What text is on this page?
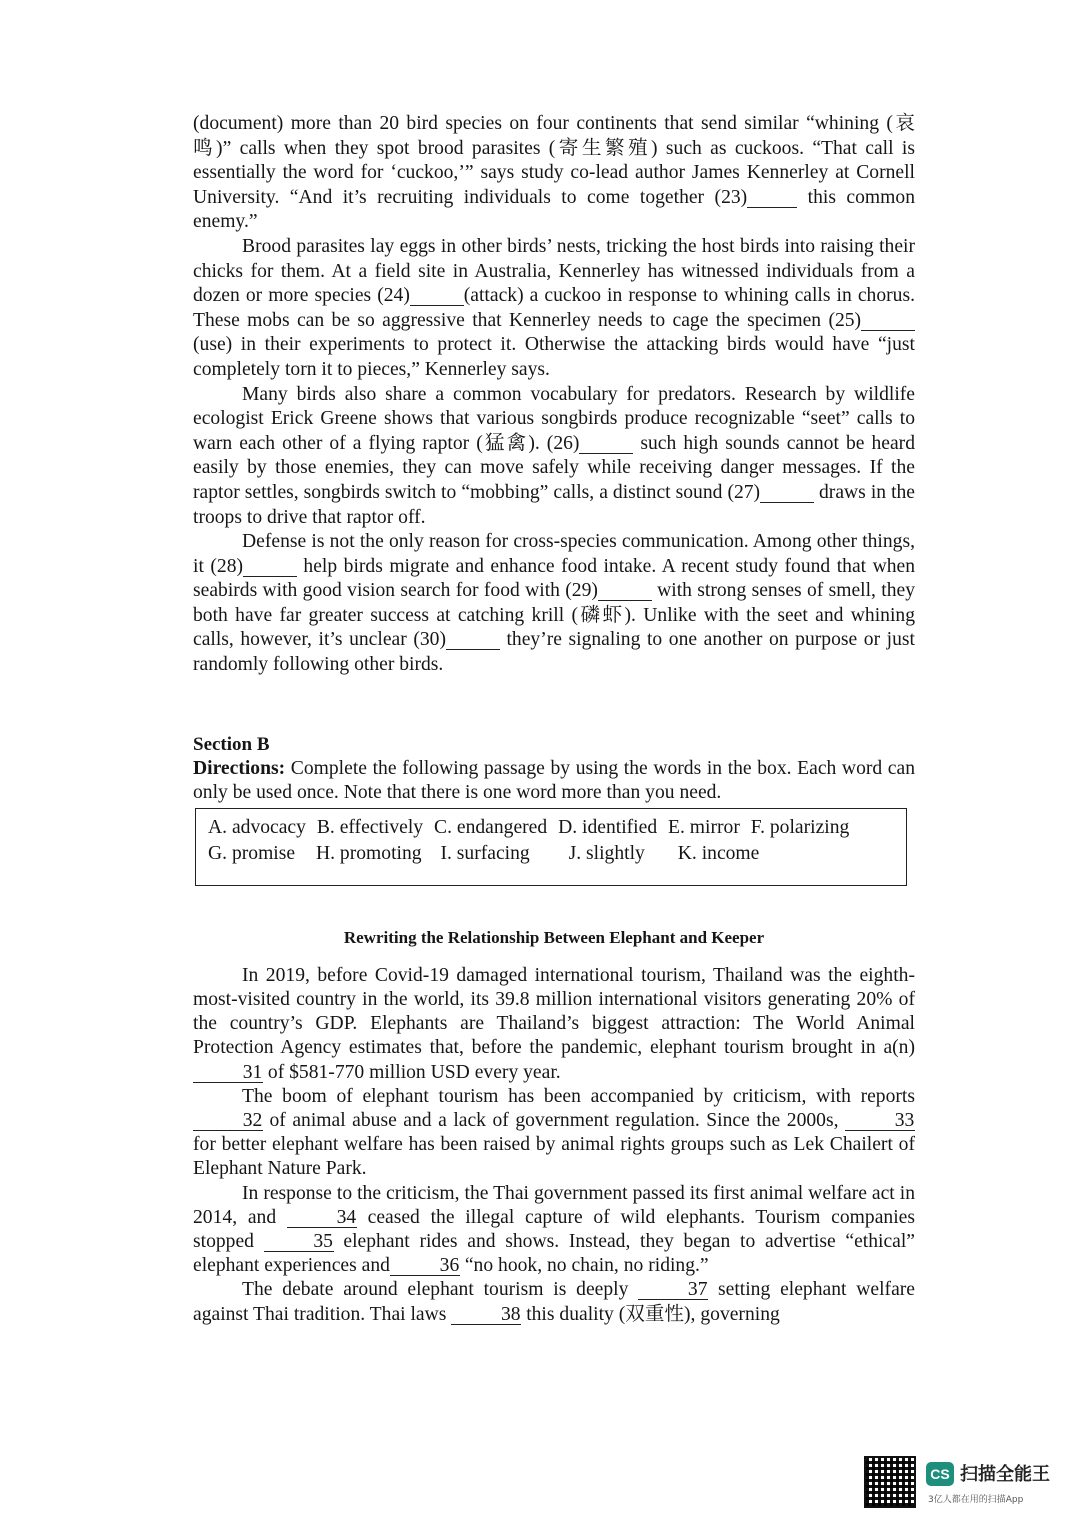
(document) more than 20 bird species on four continents that send similar “whining (哀鸣)” calls when they spot brood parasites (寄生繁殖) such as cuckoos. “That call is essentially the word for ‘cuckoo,’” says study co-lead author James Kennerley at Cornell University. “And it’s recruiting individuals to come together (23)	this common enemy.”

Brood parasites lay eggs in other birds’ nests, tricking the host birds into raising their chicks for them. At a field site in Australia, Kennerley has witnessed individuals from a dozen or more species (24)	(attack) a cuckoo in response to whining calls in chorus. These mobs can be so aggressive that Kennerley needs to cage the specimen (25)  (use) in their experiments to protect it. Otherwise the attacking birds would have “just completely torn it to pieces,” Kennerley says.

Many birds also share a common vocabulary for predators. Research by wildlife ecologist Erick Greene shows that various songbirds produce recognizable “seet” calls to warn each other of a flying raptor (猛禽). (26)	such high sounds cannot be heard easily by those enemies, they can move safely while receiving danger messages. If the raptor settles, songbirds switch to “mobbing” calls, a distinct sound (27)	draws in the troops to drive that raptor off.

Defense is not the only reason for cross-species communication. Among other things, it (28)	help birds migrate and enhance food intake. A recent study found that when seabirds with good vision search for food with (29)	with strong senses of smell, they both have far greater success at catching krill (磷虾). Unlike with the seet and whining calls, however, it’s unclear (30)	they’re signaling to one another on purpose or just randomly following other birds.

Section B

Directions: Complete the following passage by using the words in the box. Each word can only be used once. Note that there is one word more than you need.

A. advocacy B. effectively C. endangered D. identified E. mirror F. polarizing
G. promise H. promoting I. surfacing J. slightly K. income
Rewriting the Relationship Between Elephant and Keeper

In 2019, before Covid-19 damaged international tourism, Thailand was the eighth-most-visited country in the world, its 39.8 million international visitors generating 20% of the country’s GDP. Elephants are Thailand’s biggest attraction: The World Animal Protection Agency estimates that, before the pandemic, elephant tourism brought in a(n) 31 of $581-770 million USD every year.

The boom of elephant tourism has been accompanied by criticism, with reports 32 of animal abuse and a lack of government regulation. Since the 2000s,	33 for better elephant welfare has been raised by animal rights groups such as Lek Chailert of Elephant Nature Park.

In response to the criticism, the Thai government passed its first animal welfare act in 2014, and	34 ceased the illegal capture of wild elephants. Tourism companies stopped	35 elephant rides and shows. Instead, they began to advertise “ethical” elephant experiences and	36 “no hook, no chain, no riding.”

The debate around elephant tourism is deeply	37 setting elephant welfare against Thai tradition. Thai laws	38 this duality (双重性), governing

CS 扫描全能王
3亿人都在用的扫描App
